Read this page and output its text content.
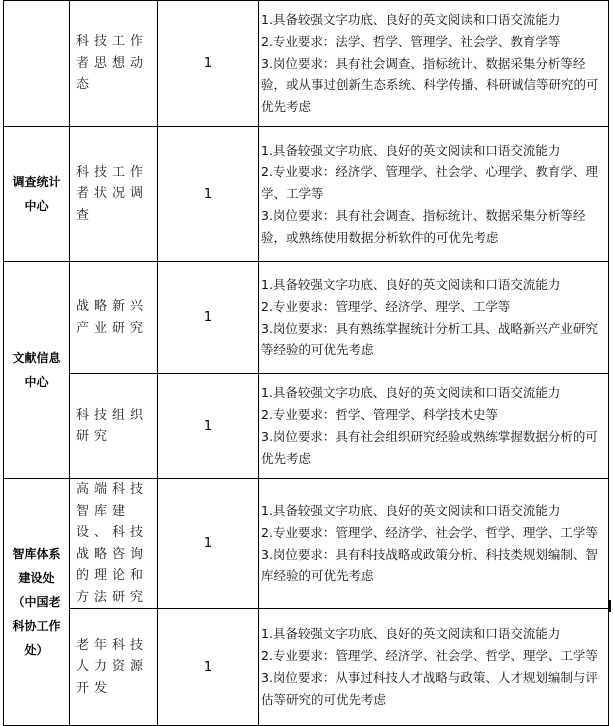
	科技工作者思想动态	1	1.具备较强文字功底、良好的英文阅读和口语交流能力
2.专业要求：法学、哲学、管理学、社会学、教育学等
3.岗位要求：具有社会调查、指标统计、数据采集分析等经验，或从事过创新生态系统、科学传播、科研诚信等研究的可优先考虑

调查统计中心	科技工作者状况调查	1	1.具备较强文字功底、良好的英文阅读和口语交流能力
2.专业要求：经济学、管理学、社会学、心理学、教育学、理学、工学等
3.岗位要求：具有社会调查、指标统计、数据采集分析等经验，或熟练使用数据分析软件的可优先考虑

文献信息中心	战略新兴产业研究	1	1.具备较强文字功底、良好的英文阅读和口语交流能力
2.专业要求：管理学、经济学、理学、工学等
3.岗位要求：具有熟练掌握统计分析工具、战略新兴产业研究等经验的可优先考虑

	科技组织研究	1	1.具备较强文字功底、良好的英文阅读和口语交流能力
2.专业要求：哲学、管理学、科学技术史等
3.岗位要求：具有社会组织研究经验或熟练掌握数据分析的可优先考虑

智库体系建设处（中国老科协工作处）	高端科技智库建设、科技战略咨询的理论和方法研究	1	1.具备较强文字功底、良好的英文阅读和口语交流能力
2.专业要求：管理学、经济学、社会学、哲学、理学、工学等
3.岗位要求：具有科技战略或政策分析、科技类规划编制、智库经验的可优先考虑

	老年科技人力资源开发	1	1.具备较强文字功底、良好的英文阅读和口语交流能力
2.专业要求：管理学、经济学、社会学、哲学、理学、工学等
3.岗位要求：从事过科技人才战略与政策、人才规划编制与评估等研究的可优先考虑
